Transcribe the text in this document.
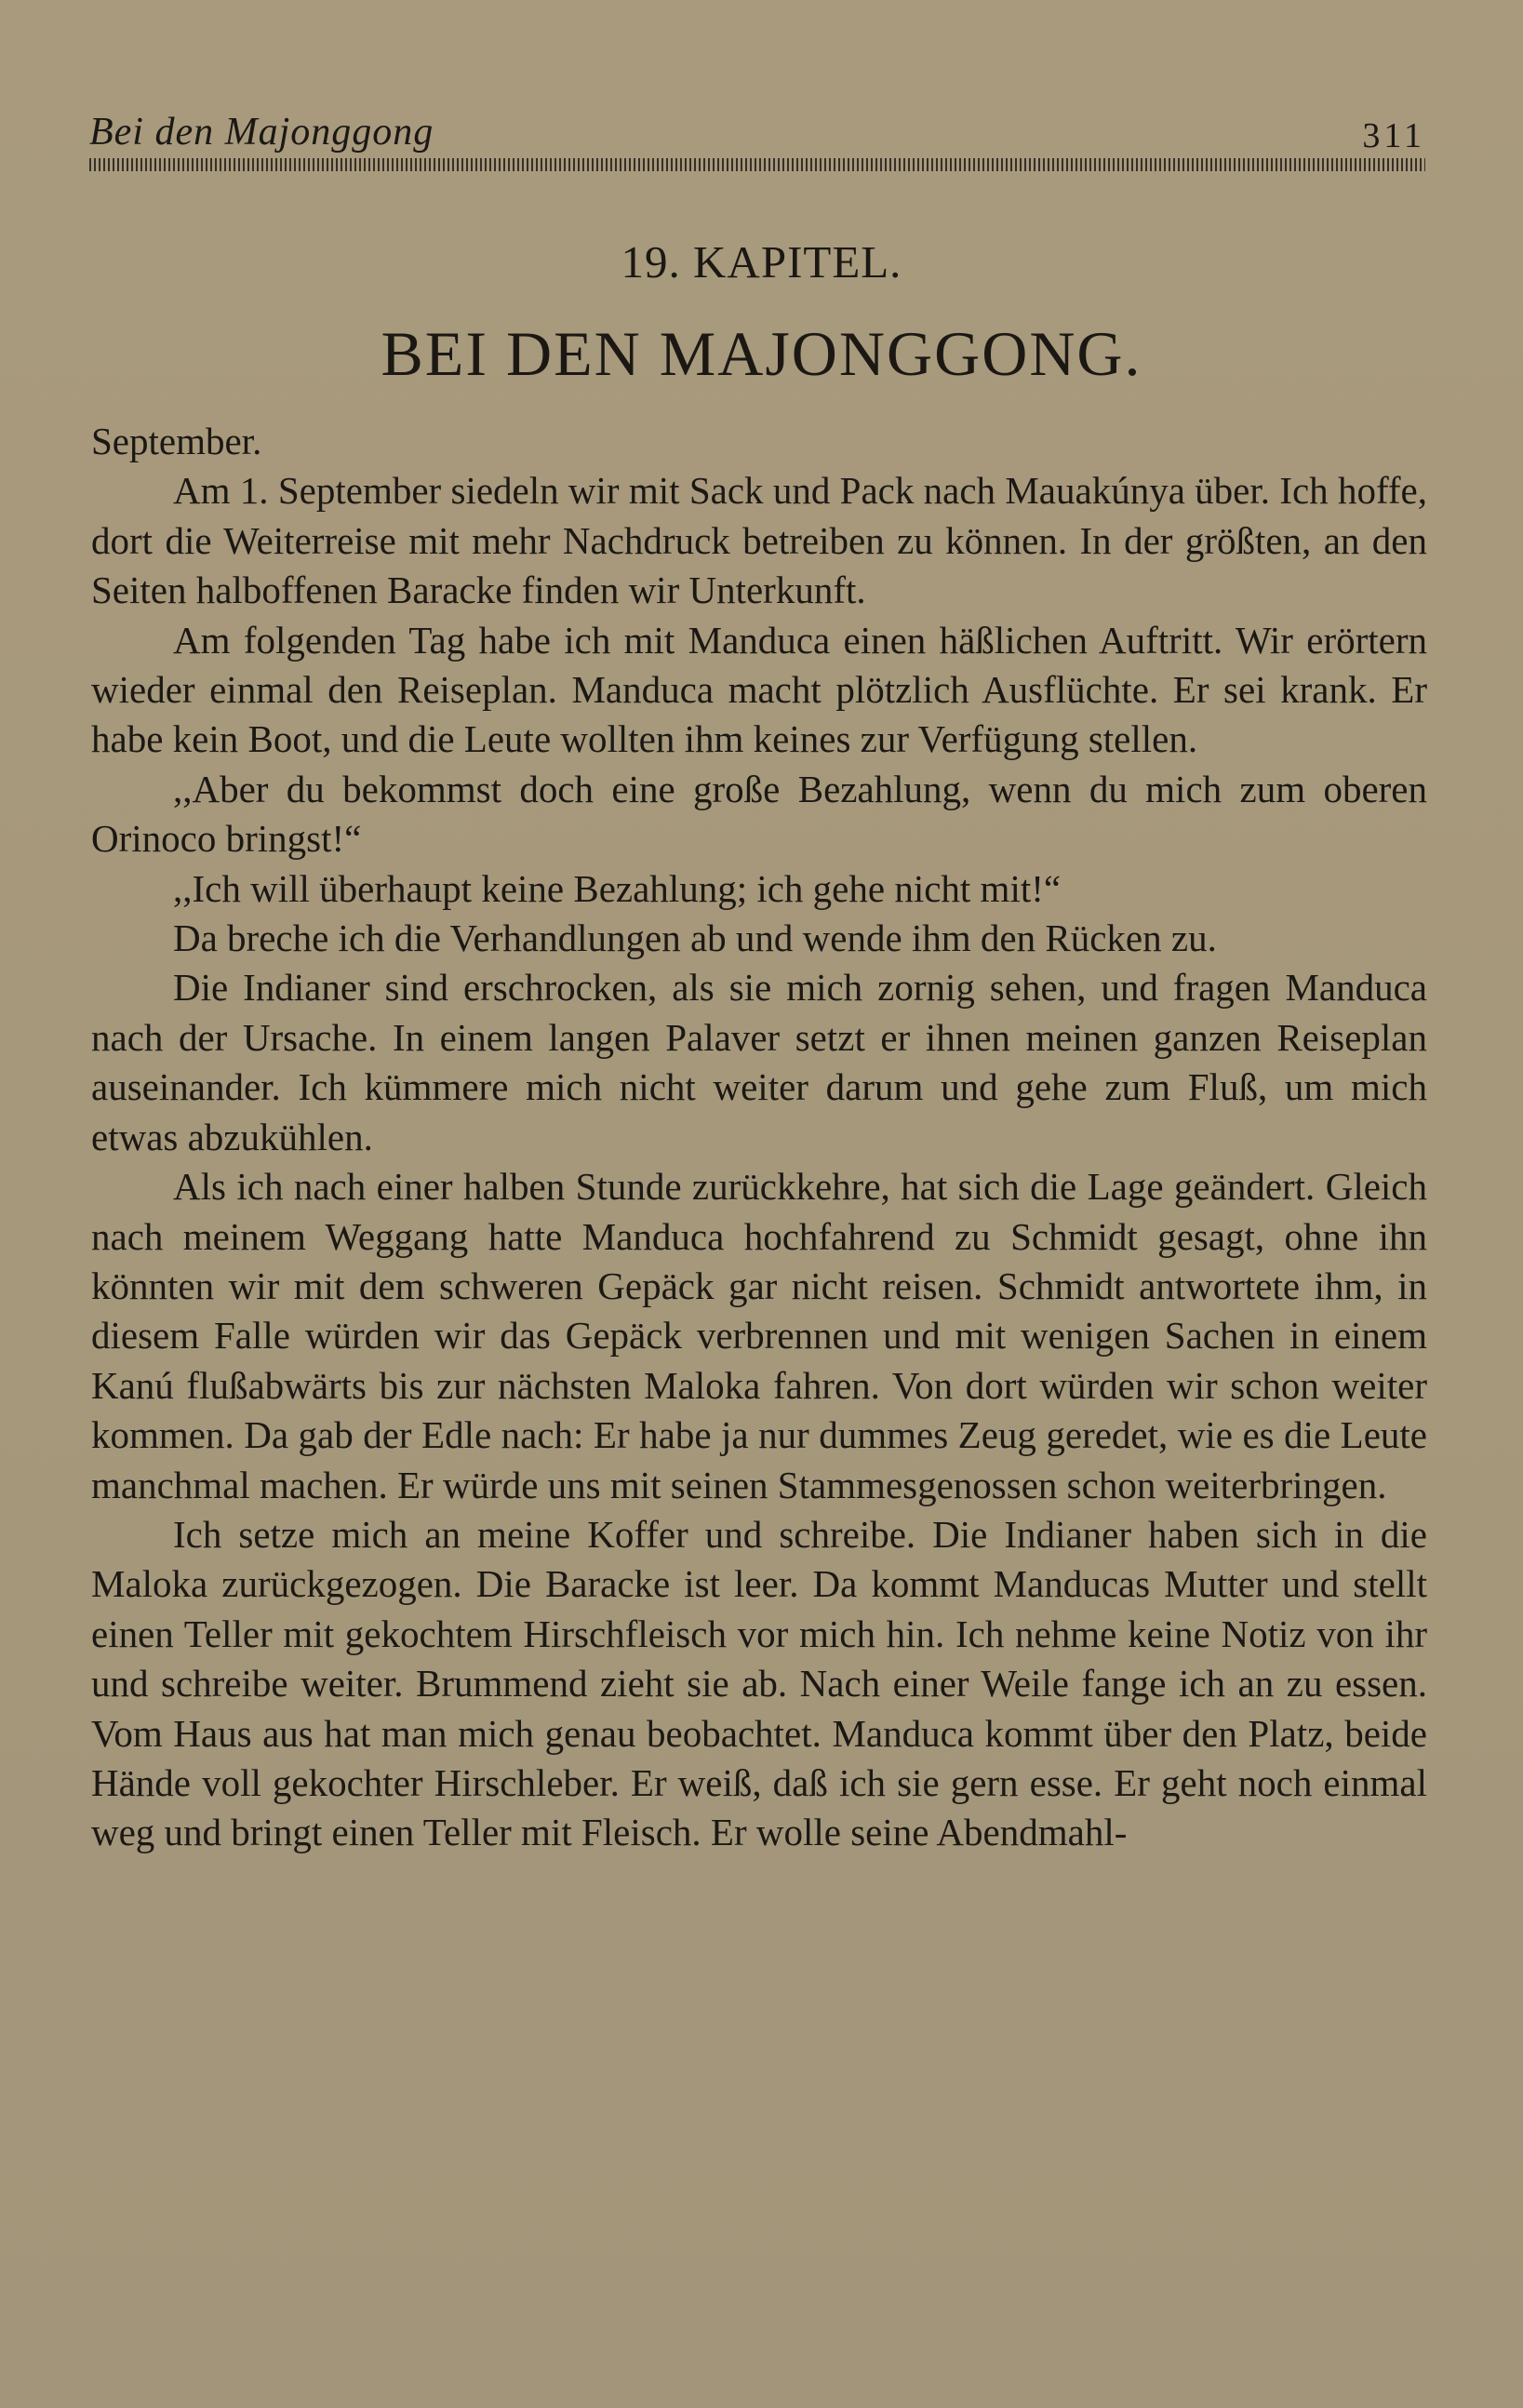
Bei den Majonggong	311
19. KAPITEL.
BEI DEN MAJONGGONG.

September.

Am 1. September siedeln wir mit Sack und Pack nach Mauakúnya über. Ich hoffe, dort die Weiterreise mit mehr Nachdruck betreiben zu können. In der größten, an den Seiten halboffenen Baracke finden wir Unterkunft.

Am folgenden Tag habe ich mit Manduca einen häßlichen Auftritt. Wir erörtern wieder einmal den Reiseplan. Manduca macht plötzlich Ausflüchte. Er sei krank. Er habe kein Boot, und die Leute wollten ihm keines zur Verfügung stellen.

,,Aber du bekommst doch eine große Bezahlung, wenn du mich zum oberen Orinoco bringst!“

,,Ich will überhaupt keine Bezahlung; ich gehe nicht mit!“

Da breche ich die Verhandlungen ab und wende ihm den Rücken zu.

Die Indianer sind erschrocken, als sie mich zornig sehen, und fragen Manduca nach der Ursache. In einem langen Palaver setzt er ihnen meinen ganzen Reiseplan auseinander. Ich kümmere mich nicht weiter darum und gehe zum Fluß, um mich etwas abzukühlen.

Als ich nach einer halben Stunde zurückkehre, hat sich die Lage geändert. Gleich nach meinem Weggang hatte Manduca hochfahrend zu Schmidt gesagt, ohne ihn könnten wir mit dem schweren Gepäck gar nicht reisen. Schmidt antwortete ihm, in diesem Falle würden wir das Gepäck verbrennen und mit wenigen Sachen in einem Kanú flußabwärts bis zur nächsten Maloka fahren. Von dort würden wir schon weiter kommen. Da gab der Edle nach: Er habe ja nur dummes Zeug geredet, wie es die Leute manchmal machen. Er würde uns mit seinen Stammesgenossen schon weiterbringen.

Ich setze mich an meine Koffer und schreibe. Die Indianer haben sich in die Maloka zurückgezogen. Die Baracke ist leer. Da kommt Manducas Mutter und stellt einen Teller mit gekochtem Hirschfleisch vor mich hin. Ich nehme keine Notiz von ihr und schreibe weiter. Brummend zieht sie ab. Nach einer Weile fange ich an zu essen. Vom Haus aus hat man mich genau beobachtet. Manduca kommt über den Platz, beide Hände voll gekochter Hirschleber. Er weiß, daß ich sie gern esse. Er geht noch einmal weg und bringt einen Teller mit Fleisch. Er wolle seine Abendmahl-
